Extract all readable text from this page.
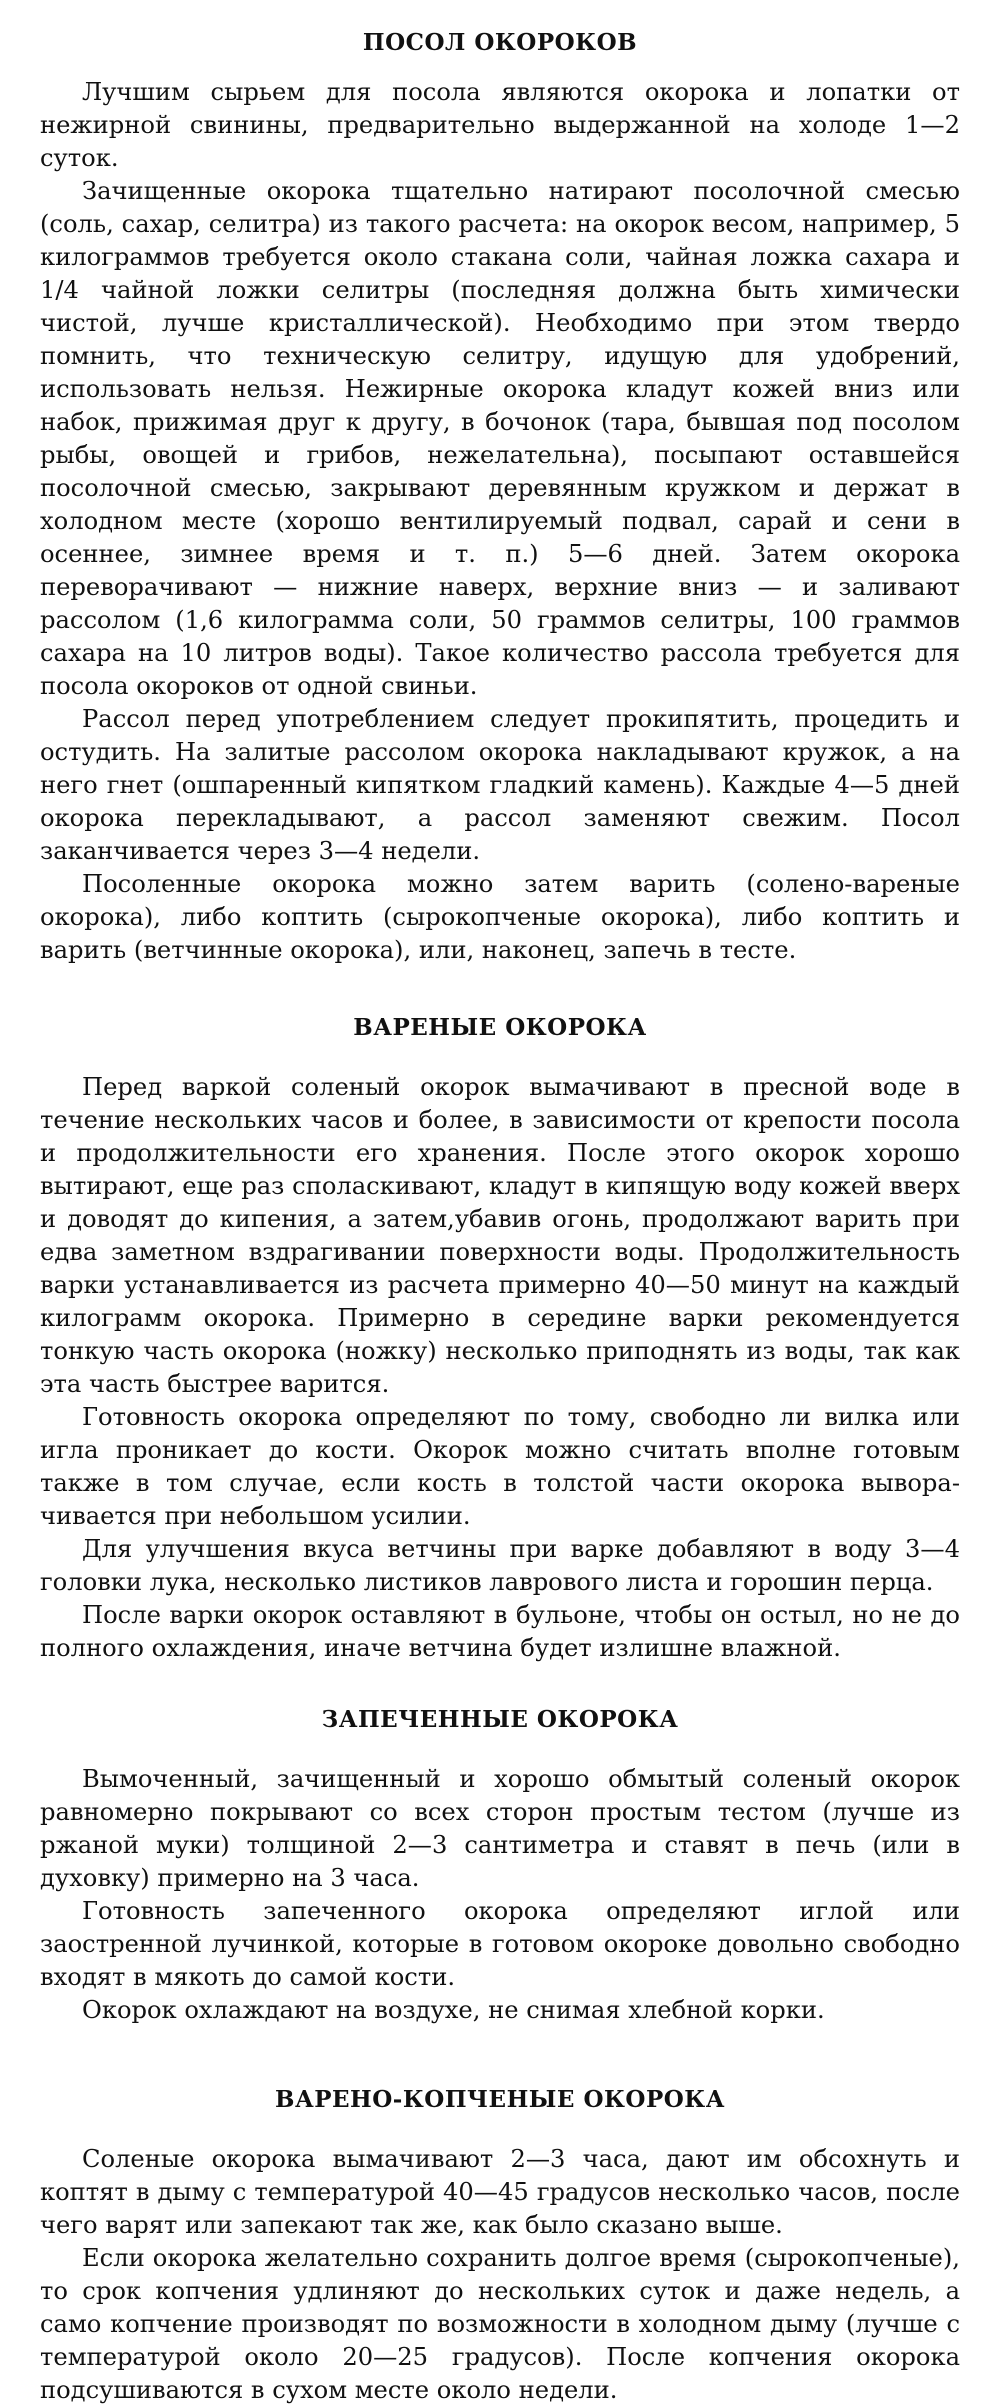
ПОСОЛ ОКОРОКОВ

Лучшим сырьем для посола являются окорока и лопатки от нежирной свинины, предварительно выдержанной на холоде 1—2 суток.

Зачищенные окорока тщательно натирают посолочной смесью (соль, сахар, селитра) из такого расчета: на окорок весом, например, 5 килограммов требуется около стакана соли, чайная ложка сахара и 1/4 чайной ложки селитры (последняя должна быть химически чистой, лучше кристаллической). Необходимо при этом твердо помнить, что техническую селитру, идущую для удобрений, использовать нельзя. Нежирные окорока кладут кожей вниз или набок, прижимая друг к другу, в бочонок (тара, бывшая под посолом рыбы, овощей и грибов, нежелательна), посыпают оставшейся посолочной смесью, закрывают деревянным кружком и держат в холодном месте (хорошо вентилируемый подвал, сарай и сени в осеннее, зимнее время и т. п.) 5—6 дней. Затем окорока переворачивают — нижние наверх, верхние вниз — и заливают рассолом (1,6 килограмма соли, 50 граммов селитры, 100 граммов сахара на 10 литров воды). Такое количество рассола требуется для посола окороков от одной свиньи.

Рассол перед употреблением следует прокипятить, процедить и остудить. На залитые рассолом окорока накладывают кружок, а на него гнет (ошпаренный кипятком гладкий камень). Каждые 4—5 дней окорока перекладывают, а рассол заменяют свежим. Посол заканчивается через 3—4 недели.

Посоленные окорока можно затем варить (солено-вареные окорока), либо коптить (сырокопченые окорока), либо коптить и варить (ветчинные окорока), или, наконец, запечь в тесте.

ВАРЕНЫЕ ОКОРОКА

Перед варкой соленый окорок вымачивают в пресной воде в течение нескольких часов и более, в зависимости от крепости посола и продолжительности его хранения. После этого окорок хорошо вытирают, еще раз споласкивают, кладут в кипящую воду кожей вверх и доводят до кипения, а затем,убавив огонь, продолжают варить при едва заметном вздрагивании поверхности воды. Продолжительность варки устанавливается из расчета примерно 40—50 минут на каждый килограмм окорока. Примерно в середине варки рекомендуется тонкую часть окорока (ножку) несколько приподнять из воды, так как эта часть быстрее варится.

Готовность окорока определяют по тому, свободно ли вилка или игла проникает до кости. Окорок можно считать вполне готовым также в том случае, если кость в толстой части окорока вывора- чивается при небольшом усилии.

Для улучшения вкуса ветчины при варке добавляют в воду 3—4 головки лука, несколько листиков лаврового листа и горошин перца.

После варки окорок оставляют в бульоне, чтобы он остыл, но не до полного охлаждения, иначе ветчина будет излишне влажной.

ЗАПЕЧЕННЫЕ ОКОРОКА

Вымоченный, зачищенный и хорошо обмытый соленый окорок равномерно покрывают со всех сторон простым тестом (лучше из ржаной муки) толщиной 2—3 сантиметра и ставят в печь (или в духовку) примерно на 3 часа.

Готовность запеченного окорока определяют иглой или заостренной лучинкой, которые в готовом окороке довольно свободно входят в мякоть до самой кости.

Окорок охлаждают на воздухе, не снимая хлебной корки.

ВАРЕНО-КОПЧЕНЫЕ ОКОРОКА

Соленые окорока вымачивают 2—3 часа, дают им обсохнуть и коптят в дыму с температурой 40—45 градусов несколько часов, после чего варят или запекают так же, как было сказано выше.

Если окорока желательно сохранить долгое время (сырокопченые), то срок копчения удлиняют до нескольких суток и даже недель, а само копчение производят по возможности в холодном дыму (лучше с температурой около 20—25 градусов). После копчения окорока подсушиваются в сухом месте около недели.
